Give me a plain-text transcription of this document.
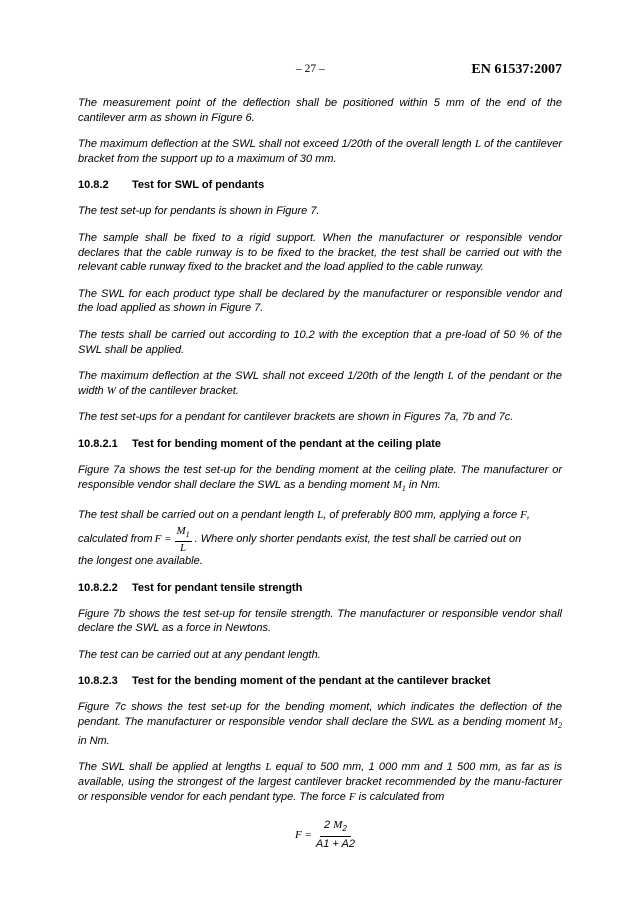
– 27 –	EN 61537:2007

The measurement point of the deflection shall be positioned within 5 mm of the end of the cantilever arm as shown in Figure 6.

The maximum deflection at the SWL shall not exceed 1/20th of the overall length L of the cantilever bracket from the support up to a maximum of 30 mm.

10.8.2 Test for SWL of pendants

The test set-up for pendants is shown in Figure 7.

The sample shall be fixed to a rigid support. When the manufacturer or responsible vendor declares that the cable runway is to be fixed to the bracket, the test shall be carried out with the relevant cable runway fixed to the bracket and the load applied to the cable runway.

The SWL for each product type shall be declared by the manufacturer or responsible vendor and the load applied as shown in Figure 7.

The tests shall be carried out according to 10.2 with the exception that a pre-load of 50 % of the SWL shall be applied.

The maximum deflection at the SWL shall not exceed 1/20th of the length L of the pendant or the width W of the cantilever bracket.

The test set-ups for a pendant for cantilever brackets are shown in Figures 7a, 7b and 7c.

10.8.2.1 Test for bending moment of the pendant at the ceiling plate

Figure 7a shows the test set-up for the bending moment at the ceiling plate. The manufacturer or responsible vendor shall declare the SWL as a bending moment $M_1$ in Nm.

The test shall be carried out on a pendant length L, of preferably 800 mm, applying a force F,

calculated from $F = \frac{M_1}{L}$ . Where only shorter pendants exist, the test shall be carried out on

the longest one available.

10.8.2.2 Test for pendant tensile strength

Figure 7b shows the test set-up for tensile strength. The manufacturer or responsible vendor shall declare the SWL as a force in Newtons.

The test can be carried out at any pendant length.

10.8.2.3 Test for the bending moment of the pendant at the cantilever bracket

Figure 7c shows the test set-up for the bending moment, which indicates the deflection of the pendant. The manufacturer or responsible vendor shall declare the SWL as a bending moment $M_2$ in Nm.

The SWL shall be applied at lengths L equal to 500 mm, 1 000 mm and 1 500 mm, as far as is available, using the strongest of the largest cantilever bracket recommended by the manu-facturer or responsible vendor for each pendant type. The force F is calculated from

$F = \frac{2 M_2}{A1 + A2}$
